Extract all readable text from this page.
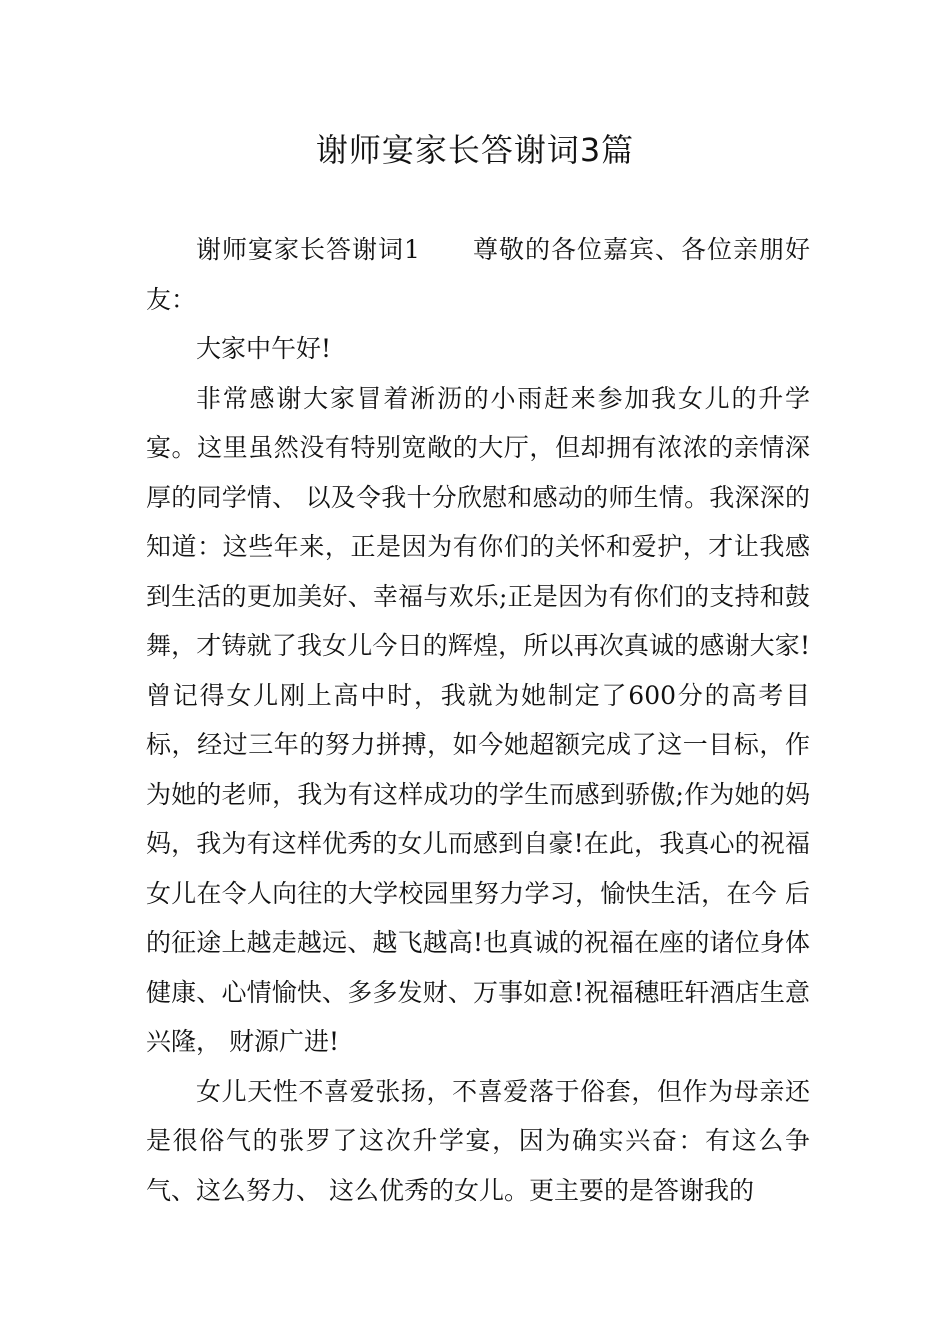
谢师宴家长答谢词3篇

谢师宴家长答谢词1　　尊敬的各位嘉宾、各位亲朋好友：

大家中午好!

非常感谢大家冒着淅沥的小雨赶来参加我女儿的升学宴。这里虽然没有特别宽敞的大厅，但却拥有浓浓的亲情深厚的同学情、 以及令我十分欣慰和感动的师生情。我深深的知道：这些年来，正是因为有你们的关怀和爱护，才让我感到生活的更加美好、幸福与欢乐;正是因为有你们的支持和鼓舞，才铸就了我女儿今日的辉煌，所以再次真诚的感谢大家!曾记得女儿刚上高中时，我就为她制定了600分的高考目标，经过三年的努力拼搏，如今她超额完成了这一目标，作为她的老师，我为有这样成功的学生而感到骄傲;作为她的妈妈，我为有这样优秀的女儿而感到自豪!在此，我真心的祝福女儿在令人向往的大学校园里努力学习，愉快生活，在今 后的征途上越走越远、越飞越高!也真诚的祝福在座的诸位身体健康、心情愉快、多多发财、万事如意!祝福穗旺轩酒店生意兴隆， 财源广进!

女儿天性不喜爱张扬，不喜爱落于俗套，但作为母亲还是很俗气的张罗了这次升学宴，因为确实兴奋：有这么争气、这么努力、 这么优秀的女儿。更主要的是答谢我的
